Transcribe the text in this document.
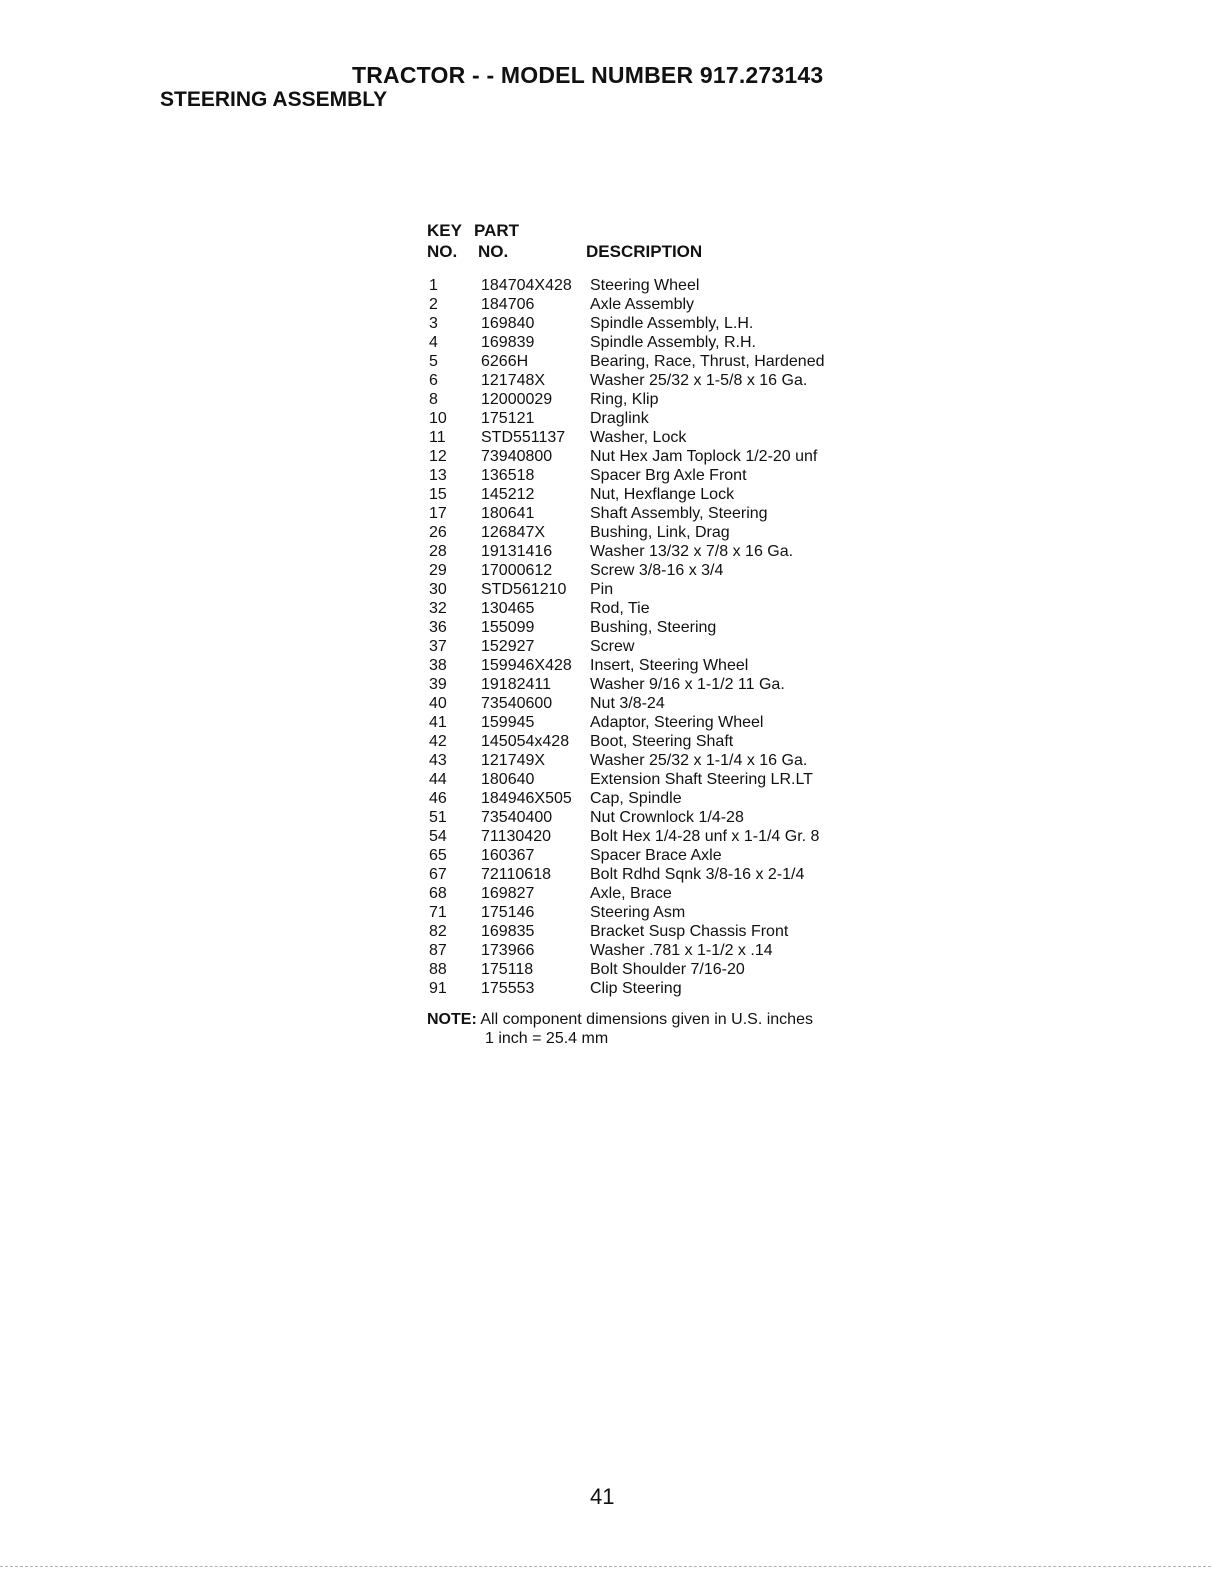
TRACTOR - - MODEL NUMBER 917.273143
STEERING ASSEMBLY
KEY PART
NO. NO.	DESCRIPTION
1	184704X428	Steering Wheel
2	184706	Axle Assembly
3	169840	Spindle Assembly, L.H.
4	169839	Spindle Assembly, R.H.
5	6266H	Bearing, Race, Thrust, Hardened
6	121748X	Washer 25/32 x 1-5/8 x 16 Ga.
8	12000029	Ring, Klip
10	175121	Draglink
11	STD551137	Washer, Lock
12	73940800	Nut Hex Jam Toplock 1/2-20 unf
13	136518	Spacer Brg Axle Front
15	145212	Nut, Hexflange Lock
17	180641	Shaft Assembly, Steering
26	126847X	Bushing, Link, Drag
28	19131416	Washer 13/32 x 7/8 x 16 Ga.
29	17000612	Screw 3/8-16 x 3/4
30	STD561210	Pin
32	130465	Rod, Tie
36	155099	Bushing, Steering
37	152927	Screw
38	159946X428	Insert, Steering Wheel
39	19182411	Washer 9/16 x 1-1/2 11 Ga.
40	73540600	Nut 3/8-24
41	159945	Adaptor, Steering Wheel
42	145054x428	Boot, Steering Shaft
43	121749X	Washer 25/32 x 1-1/4 x 16 Ga.
44	180640	Extension Shaft Steering LR.LT
46	184946X505	Cap, Spindle
51	73540400	Nut Crownlock 1/4-28
54	71130420	Bolt Hex 1/4-28 unf x 1-1/4 Gr. 8
65	160367	Spacer Brace Axle
67	72110618	Bolt Rdhd Sqnk 3/8-16 x 2-1/4
68	169827	Axle, Brace
71	175146	Steering Asm
82	169835	Bracket Susp Chassis Front
87	173966	Washer .781 x 1-1/2 x .14
88	175118	Bolt Shoulder 7/16-20
91	175553	Clip Steering
NOTE: All component dimensions given in U.S. inches
1 inch = 25.4 mm
41
